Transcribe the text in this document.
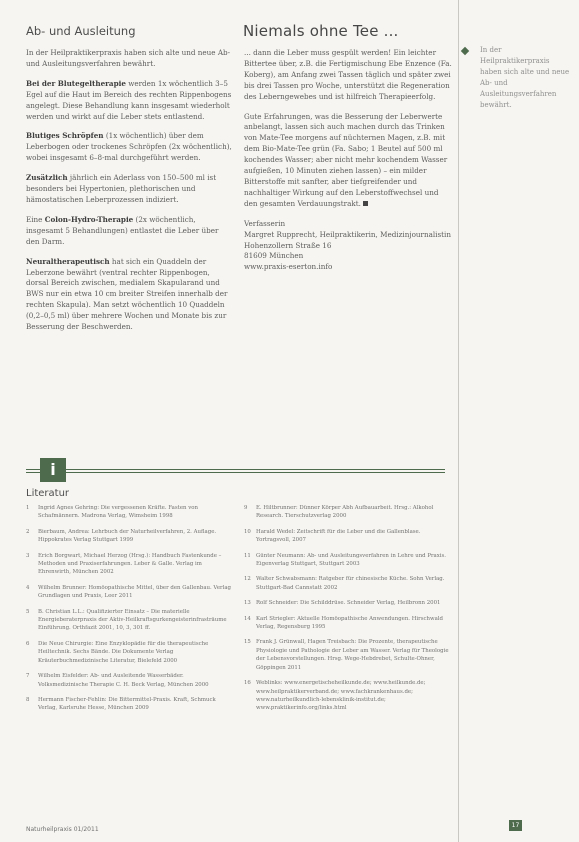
In der Heilpraktikerpraxis haben sich alte und neue Ab- und Ausleitungsverfahren bewährt.
Ab- und Ausleitung	Niemals ohne Tee ...

In der Heilpraktikerpraxis haben sich alte und neue Ab- und Ausleitungsverfahren bewährt.

Bei der Blutegeltherapie werden 1x wöchentlich 3–5 Egel auf die Haut im Bereich des rechten Rippenbogens angelegt. Diese Behandlung kann insgesamt wiederholt werden und wirkt auf die Leber stets entlastend.

Blutiges Schröpfen (1x wöchentlich) über dem Leberbogen oder trockenes Schröpfen (2x wöchentlich), wobei insgesamt 6–8-mal durchgeführt werden.

Zusätzlich jährlich ein Aderlass von 150–500 ml ist besonders bei Hypertonien, plethorischen und hämostatischen Leberprozessen indiziert.

Eine Colon-Hydro-Therapie (2x wöchentlich, insgesamt 5 Behandlungen) entlastet die Leber über den Darm.

Neuraltherapeutisch hat sich ein Quaddeln der Leberzone bewährt (ventral rechter Rippenbogen, dorsal Bereich zwischen, medialem Skapularand und BWS nur ein etwa 10 cm breiter Streifen innerhalb der rechten Skapula). Man setzt wöchentlich 10 Quaddeln (0,2–0,5 ml) über mehrere Wochen und Monate bis zur Besserung der Beschwerden.

... dann die Leber muss gespült werden! Ein leichter Bittertee über, z.B. die Fertigmischung Ebe Enzence (Fa. Koberg), am Anfang zwei Tassen täglich und später zwei bis drei Tassen pro Woche, unterstützt die Regeneration des Leberngewebes und ist hilfreich Therapieerfolg.

Gute Erfahrungen, was die Besserung der Leberwerte anbelangt, lassen sich auch machen durch das Trinken von Mate-Tee morgens auf nüchternen Magen, z.B. mit dem Bio-Mate-Tee grün (Fa. Sabo; 1 Beutel auf 500 ml kochendes Wasser; aber nicht mehr kochendem Wasser aufgießen, 10 Minuten ziehen lassen) – ein milder Bitterstoffe mit sanfter, aber tiefgreifender und nachhaltiger Wirkung auf den Leberstoffwechsel und den gesamten Verdauungstrakt.

Verfasserin
Margret Rupprecht, Heilpraktikerin, Medizinjournalistin
Hohenzollern Straße 16
81609 München
www.praxis-eserton.info
i
Literatur
1	Ingrid Agnes Gehring: Die vergessenen Kräfte. Fasten von Schafmännern. Madrona Verlag, Wimsheim 1998
2	Bierbaum, Andrea: Lehrbuch der Naturheilverfahren, 2. Auflage. Hippokrates Verlag Stuttgart 1999
3	Erich Borgwart, Michael Herzog (Hrsg.): Handbuch Fastenkunde – Methoden und Praxiserfahrungen. Leber & Galle. Verlag im Ehrenwirth, München 2002
4	Wilhelm Brunner: Homöopathische Mittel, über den Gallenbau. Verlag Grundlagen und Praxis, Leer 2011
5	B. Christian L.L.: Qualifizierter Einsatz – Die materielle Energieberaterpraxis der Aktiv-Heilkraftsgurkengeisterinfrasträume Einführung. Orthfazit 2001, 10, 3, 301 ff.
6	Die Neue Chirurgie: Eine Enzyklopädie für die therapeutische Heiltechnik. Sechs Bände. Die Dokumente Verlag Kräuterbuchmedizinische Literatur, Bielefeld 2000
7	Wilhelm Eisfelder: Ab- und Ausleitende Wasserbäder. Volksmedizinische Therapie C. H. Beck Verlag, München 2000
8	Hermann Fischer-Fehlin: Die Bittermittel-Praxis. Kraft, Schmuck Verlag, Karlsruhe Hesse, München 2009
9	E. Hiltbrunner: Dünner Körper Abh Aufbauarbeit. Hrsg.: Alkohol Research. Tierschutzverlag 2000
10 Harald Wedel: Zeitschrift für die Leber und die Gallenblase. Yortragsvoll, 2007
11 Günter Neumann: Ab- und Ausleitungsverfahren in Lehre und Praxis. Eigenverlag Stuttgart, Stuttgart 2003
12 Walter Schwabsmann: Ratgeber für chinesische Küche. Sohn Verlag. Stuttgart-Bad Cannstatt 2002
13 Rolf Schneider: Die Schilddrüse. Schneider Verlag, Heilbronn 2001
14 Karl Striegler: Aktuelle Homöopathische Anwendungen. Hirschwald Verlag, Regensburg 1995
15 Frank J. Grünwall, Hagen Treisbach: Die Prozente, therapeutische Physiologie und Pathologie der Leber am Wasser. Verlag für Theologie der Lebensvorstellungen. Hrsg. Wege-Hebdrebet, Schulte-Ohner, Göppingen 2011
16 Weblinks: www.energetischeheilkunde.de; www.heilkunde.de; www.heilpraktikerverband.de; www.fachkrankenhaus.de; www.naturheilkundlich-lebensklinik-institut.de; www.praktikerinfo.org/links.html
Naturheilpraxis 01/2011
17
